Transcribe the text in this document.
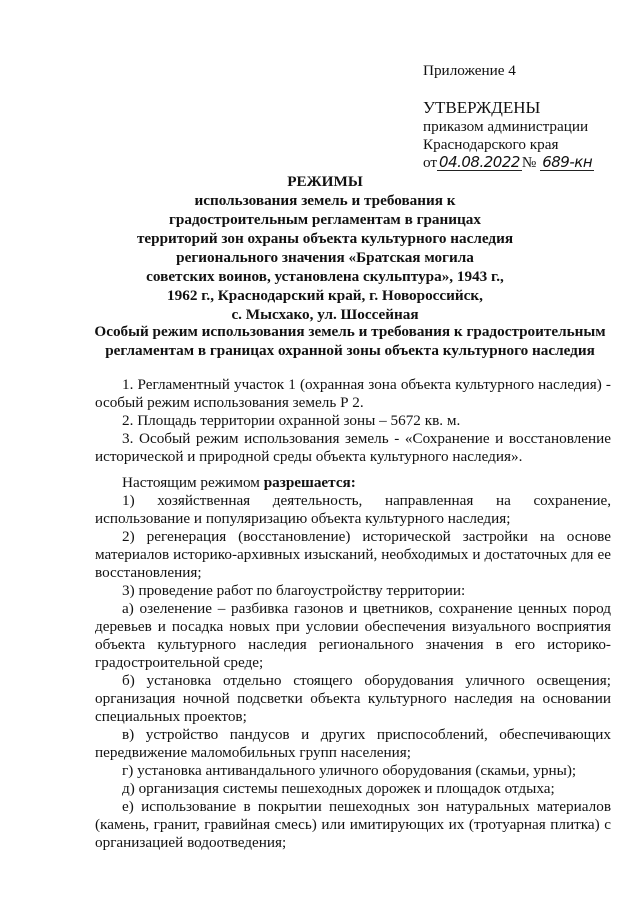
Приложение 4
УТВЕРЖДЕНЫ
приказом администрации
Краснодарского края
от 04.08.2022 № 689-кн
РЕЖИМЫ
использования земель и требования к
градостроительным регламентам в границах
территорий зон охраны объекта культурного наследия
регионального значения «Братская могила
советских воинов, установлена скульптура», 1943 г.,
1962 г., Краснодарский край, г. Новороссийск,
с. Мысхако, ул. Шоссейная
Особый режим использования земель и требования к градостроительным регламентам в границах охранной зоны объекта культурного наследия

1. Регламентный участок 1 (охранная зона объекта культурного наследия) - особый режим использования земель Р 2.

2. Площадь территории охранной зоны – 5672 кв. м.

3. Особый режим использования земель - «Сохранение и восстановление исторической и природной среды объекта культурного наследия».

Настоящим режимом разрешается:

1) хозяйственная деятельность, направленная на сохранение, использование и популяризацию объекта культурного наследия;

2) регенерация (восстановление) исторической застройки на основе материалов историко-архивных изысканий, необходимых и достаточных для ее восстановления;

3) проведение работ по благоустройству территории:

а) озеленение – разбивка газонов и цветников, сохранение ценных пород деревьев и посадка новых при условии обеспечения визуального восприятия объекта культурного наследия регионального значения в его историко-градостроительной среде;

б) установка отдельно стоящего оборудования уличного освещения; организация ночной подсветки объекта культурного наследия на основании специальных проектов;

в) устройство пандусов и других приспособлений, обеспечивающих передвижение маломобильных групп населения;

г) установка антивандального уличного оборудования (скамьи, урны);

д) организация системы пешеходных дорожек и площадок отдыха;

е) использование в покрытии пешеходных зон натуральных материалов (камень, гранит, гравийная смесь) или имитирующих их (тротуарная плитка) с организацией водоотведения;
